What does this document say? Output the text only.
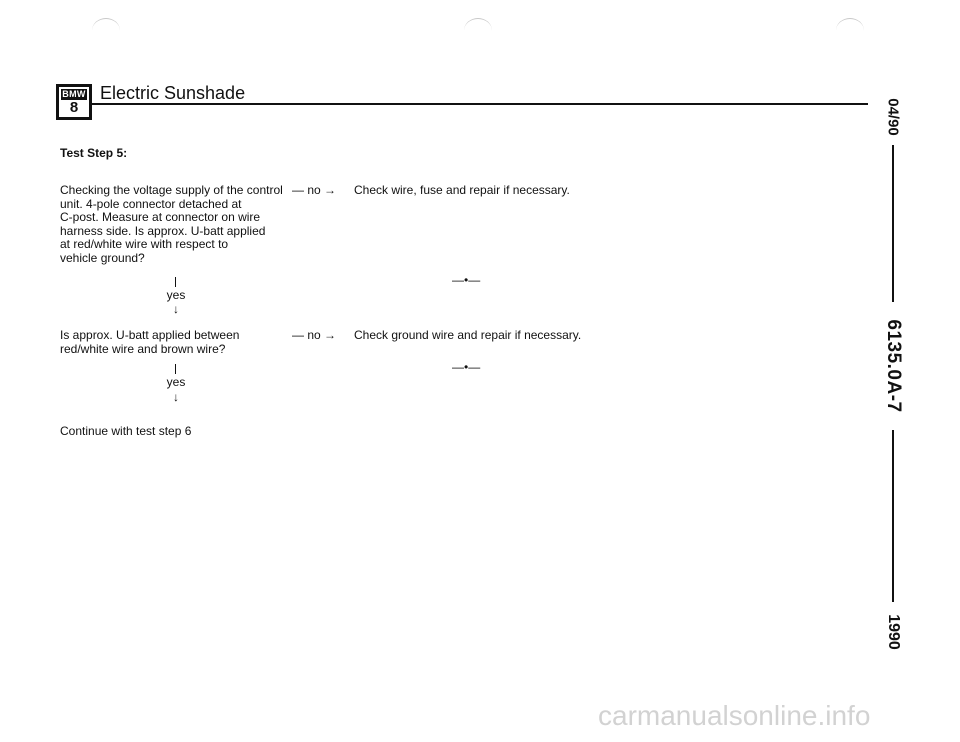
BMW
8
Electric Sunshade
04/90
6135.0A-7
1990
Test Step 5:
Checking the voltage supply of the control
unit. 4-pole connector detached at
C-post. Measure at connector on wire
harness side. Is approx. U-batt applied
at red/white wire with respect to
vehicle ground?
— no → Check wire, fuse and repair if necessary.
—•—
yes
↓
Is approx. U-batt applied between
red/white wire and brown wire?
— no → Check ground wire and repair if necessary.
—•—
yes
↓
Continue with test step 6
carmanualsonline.info
